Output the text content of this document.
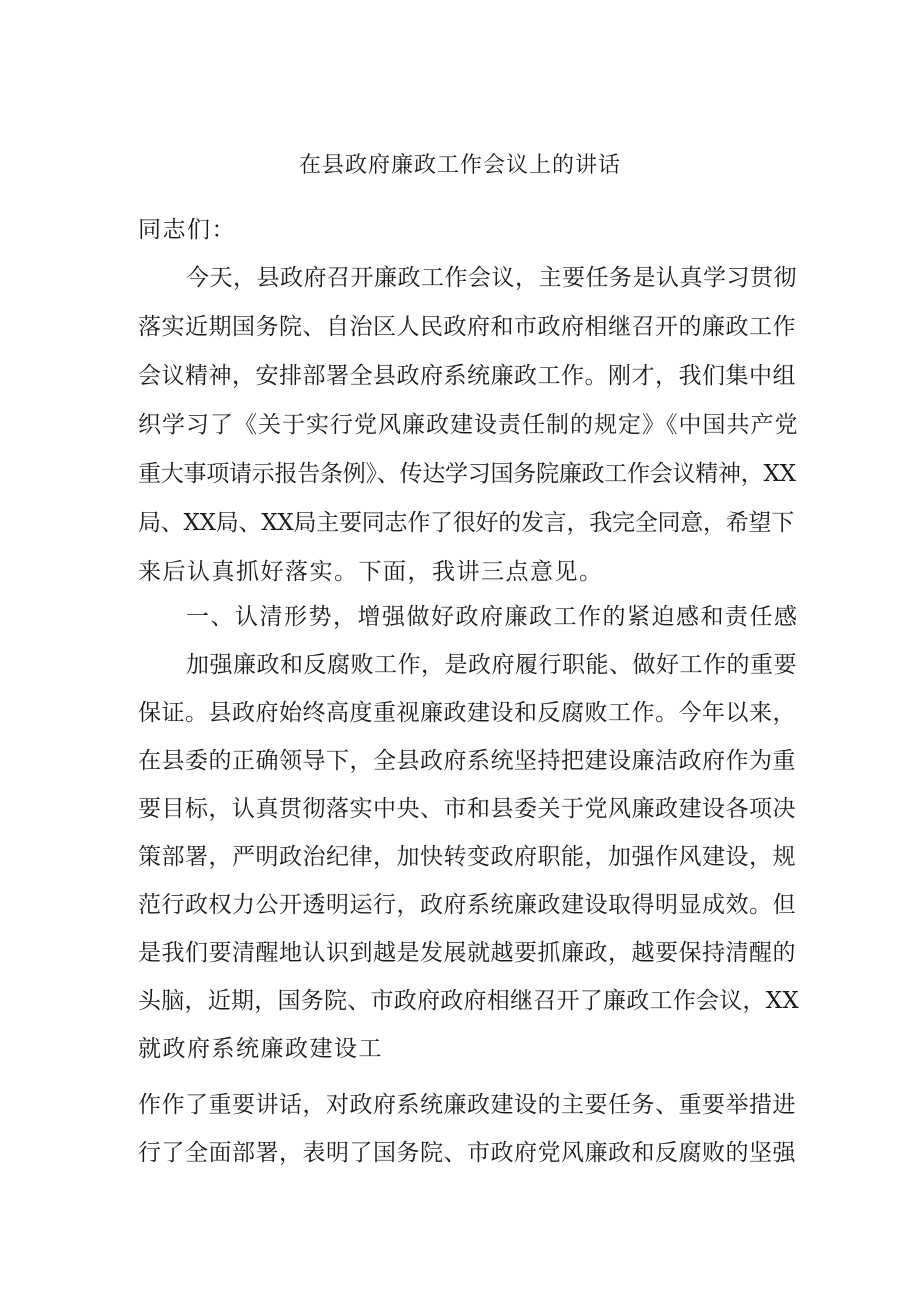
在县政府廉政工作会议上的讲话
同志们：
今天，县政府召开廉政工作会议，主要任务是认真学习贯彻
落实近期国务院、自治区人民政府和市政府相继召开的廉政工作
会议精神，安排部署全县政府系统廉政工作。刚才，我们集中组
织学习了《关于实行党风廉政建设责任制的规定》《中国共产党
重大事项请示报告条例》、传达学习国务院廉政工作会议精神，XX
局、XX局、XX局主要同志作了很好的发言，我完全同意，希望下
来后认真抓好落实。下面，我讲三点意见。
一、认清形势，增强做好政府廉政工作的紧迫感和责任感
加强廉政和反腐败工作，是政府履行职能、做好工作的重要
保证。县政府始终高度重视廉政建设和反腐败工作。今年以来，
在县委的正确领导下，全县政府系统坚持把建设廉洁政府作为重
要目标，认真贯彻落实中央、市和县委关于党风廉政建设各项决
策部署，严明政治纪律，加快转变政府职能，加强作风建设，规
范行政权力公开透明运行，政府系统廉政建设取得明显成效。但
是我们要清醒地认识到越是发展就越要抓廉政，越要保持清醒的
头脑，近期，国务院、市政府政府相继召开了廉政工作会议，XX
就政府系统廉政建设工
作作了重要讲话，对政府系统廉政建设的主要任务、重要举措进
行了全面部署，表明了国务院、市政府党风廉政和反腐败的坚强
